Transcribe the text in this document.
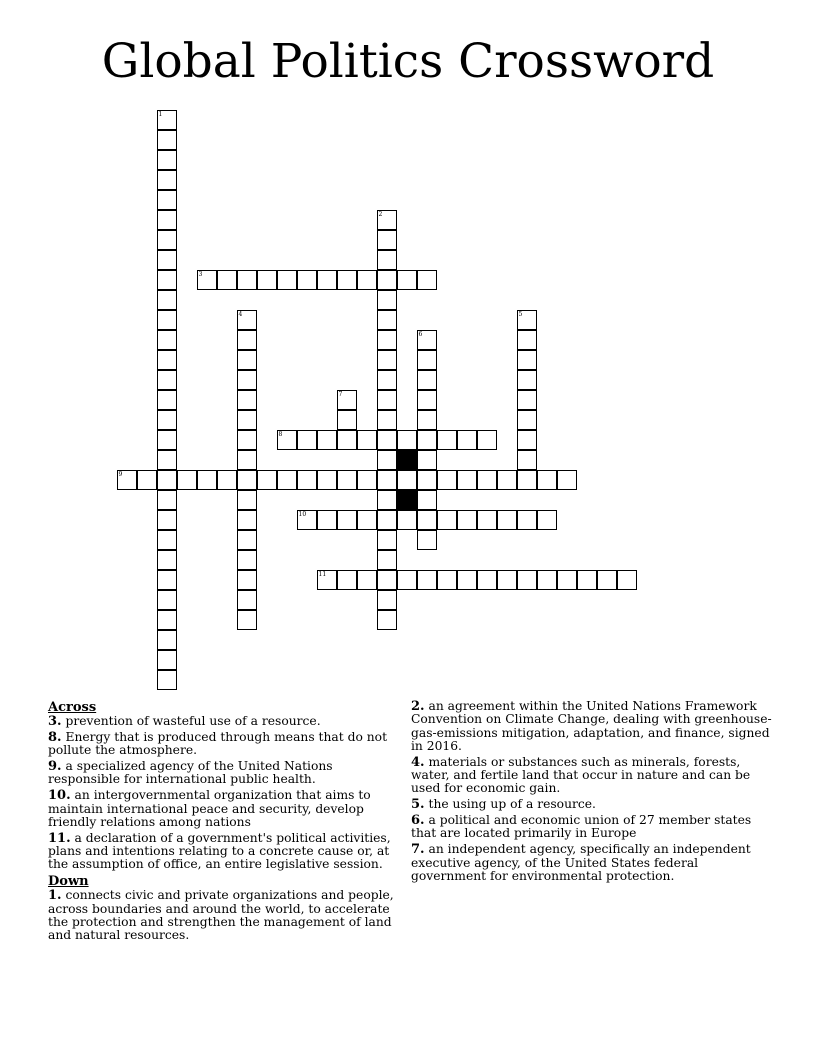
Global Politics Crossword
1
2
3
4	5
6
7
8
9
10
11

Across

3. prevention of wasteful use of a resource.

8. Energy that is produced through means that do not pollute the atmosphere.

9. a specialized agency of the United Nations responsible for international public health.

10. an intergovernmental organization that aims to maintain international peace and security, develop friendly relations among nations

11. a declaration of a government's political activities, plans and intentions relating to a concrete cause or, at the assumption of office, an entire legislative session.

Down

1. connects civic and private organizations and people, across boundaries and around the world, to accelerate the protection and strengthen the management of land and natural resources.

2. an agreement within the United Nations Framework Convention on Climate Change, dealing with greenhouse-gas-emissions mitigation, adaptation, and finance, signed in 2016.

4. materials or substances such as minerals, forests, water, and fertile land that occur in nature and can be used for economic gain.

5. the using up of a resource.

6. a political and economic union of 27 member states that are located primarily in Europe

7. an independent agency, specifically an independent executive agency, of the United States federal government for environmental protection.
